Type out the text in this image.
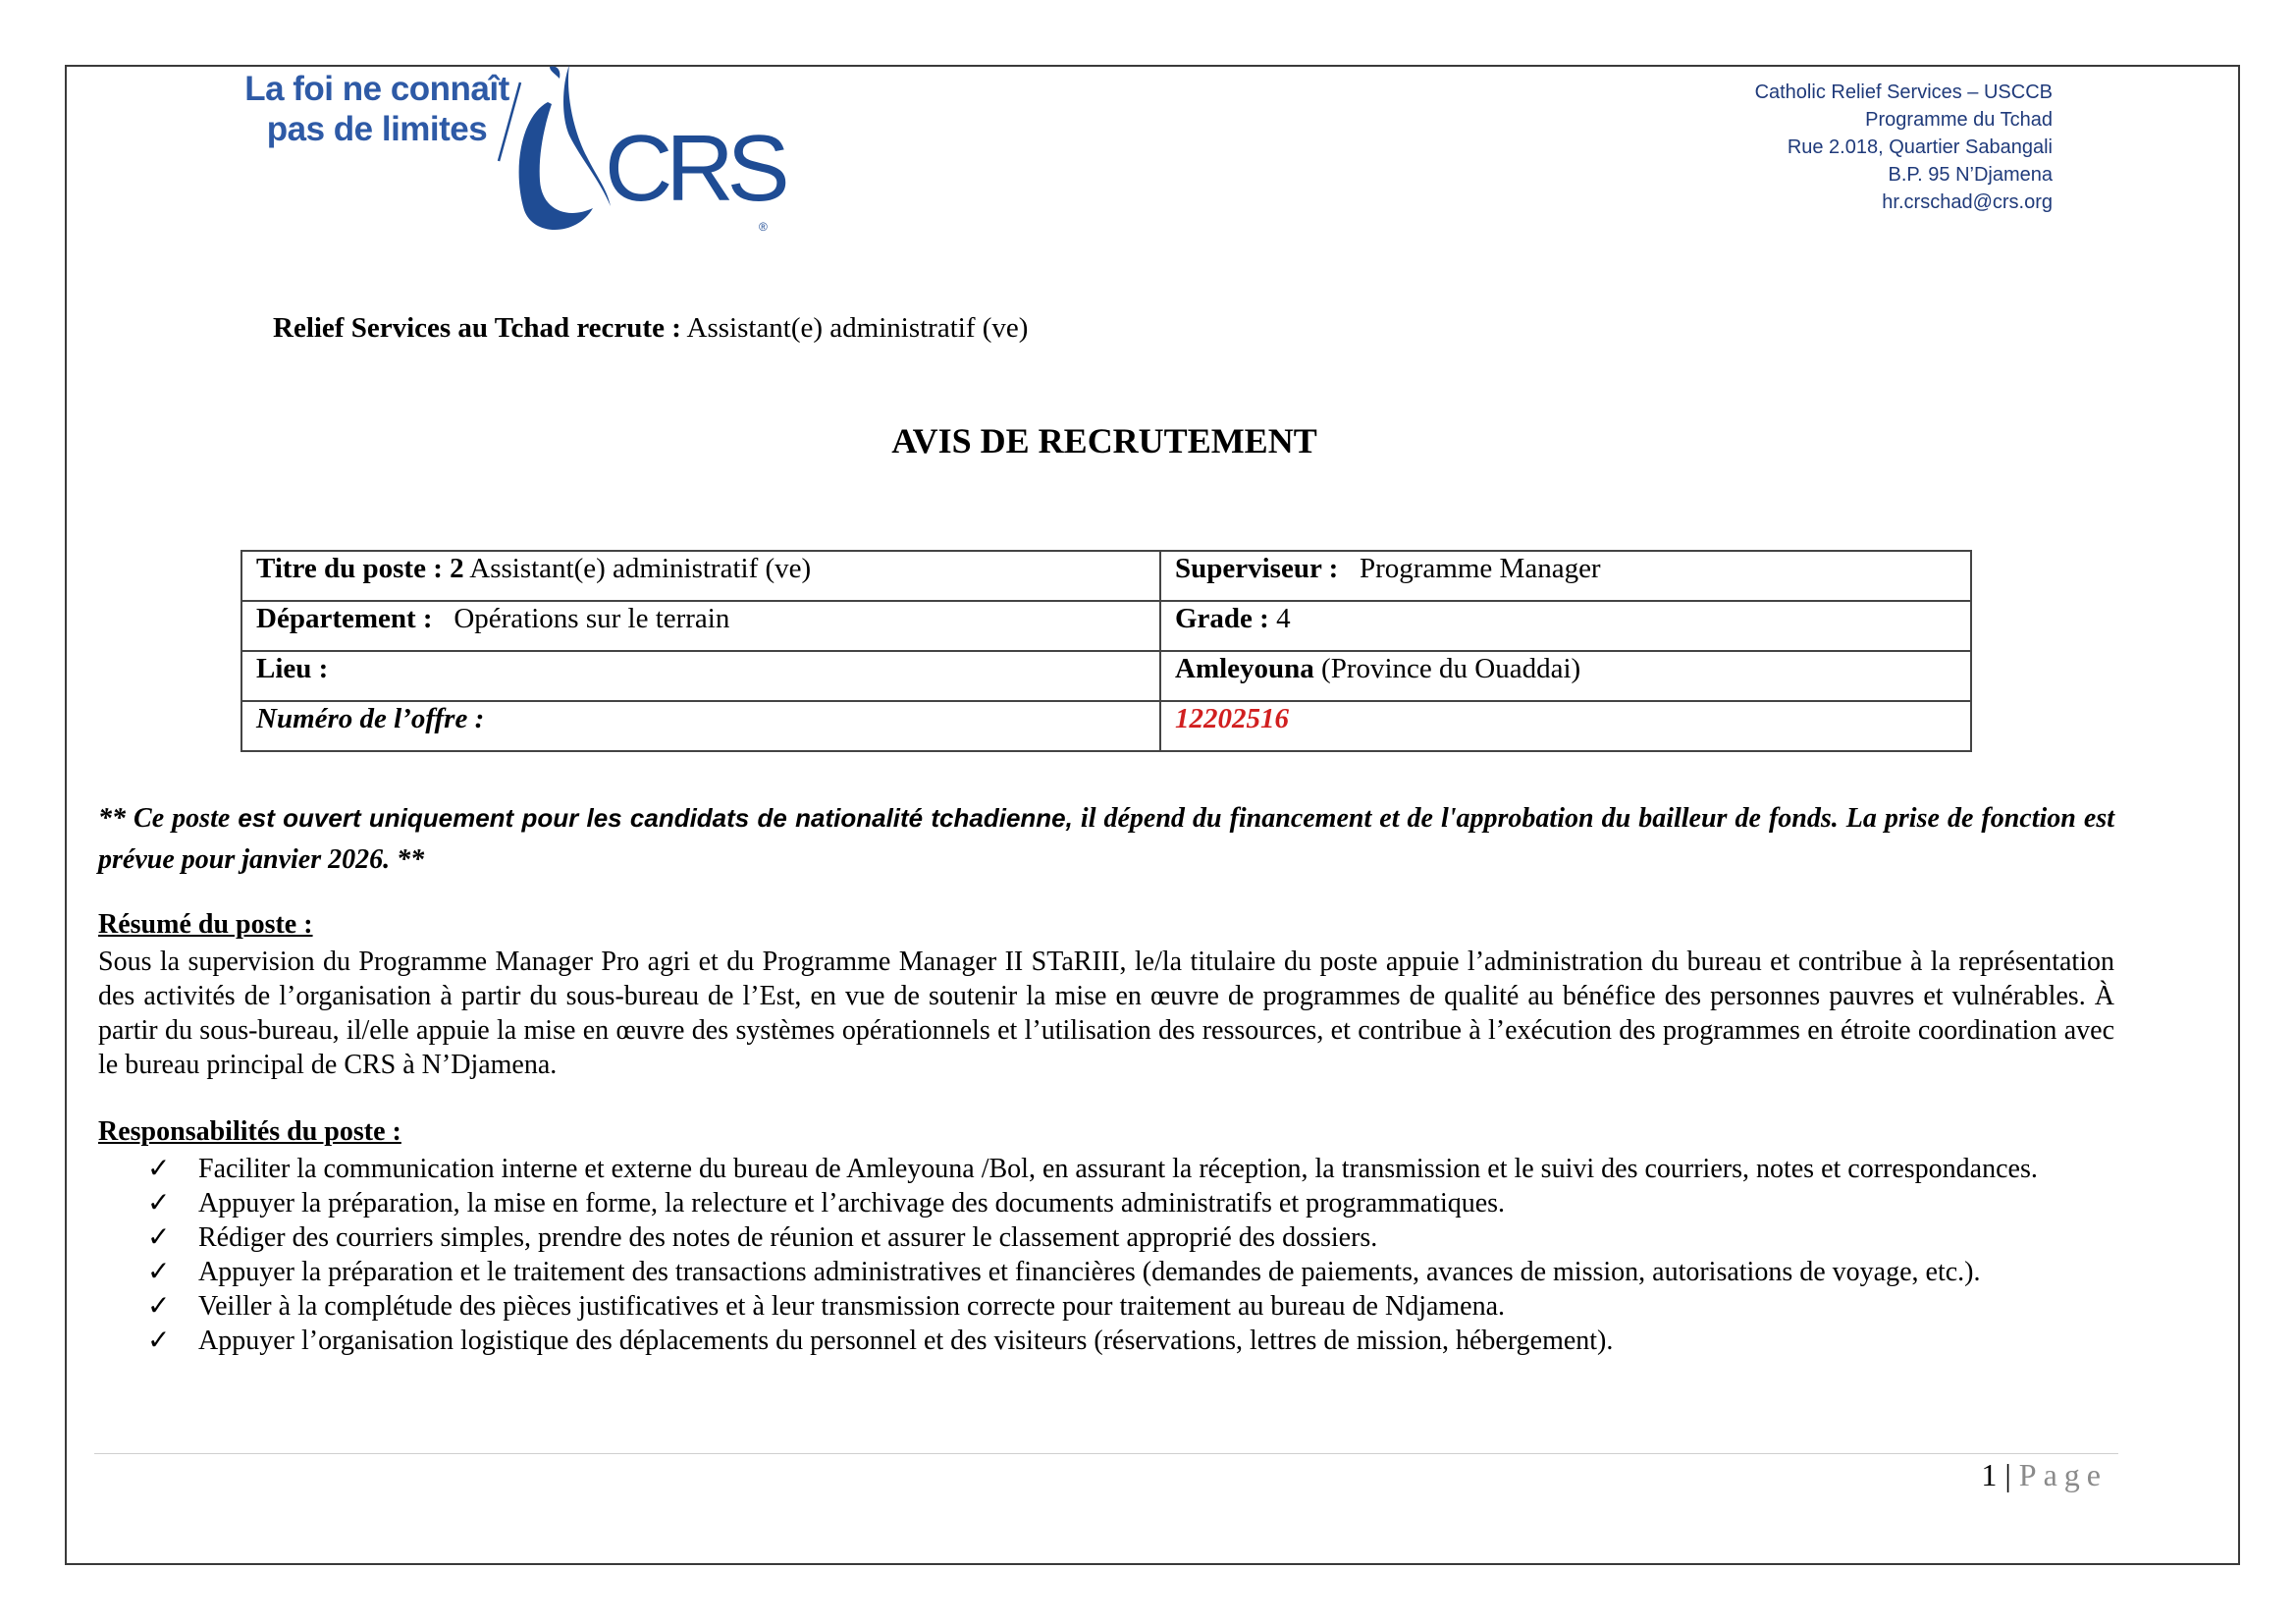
La foi ne connaît
pas de limites	CRS
®
Catholic Relief Services – USCCB
Programme du Tchad
Rue 2.018, Quartier Sabangali
B.P. 95 N’Djamena
hr.crschad@crs.org
Relief Services au Tchad recrute : Assistant(e) administratif (ve)
AVIS DE RECRUTEMENT
Titre du poste : 2 Assistant(e) administratif (ve)	Superviseur :   Programme Manager
Département :   Opérations sur le terrain	Grade : 4
Lieu :	Amleyouna (Province du Ouaddai)
Numéro de l’offre :	12202516
** Ce poste est ouvert uniquement pour les candidats de nationalité tchadienne, il dépend du financement et de l'approbation du bailleur de fonds. La prise de fonction est prévue pour janvier 2026. **
Résumé du poste :
Sous la supervision du Programme Manager Pro agri et du Programme Manager II STaRIII, le/la titulaire du poste appuie l’administration du bureau et contribue à la représentation des activités de l’organisation à partir du sous-bureau de l’Est, en vue de soutenir la mise en œuvre de programmes de qualité au bénéfice des personnes pauvres et vulnérables. À partir du sous-bureau, il/elle appuie la mise en œuvre des systèmes opérationnels et l’utilisation des ressources, et contribue à l’exécution des programmes en étroite coordination avec le bureau principal de CRS à N’Djamena.
Responsabilités du poste :
✓ Faciliter la communication interne et externe du bureau de Amleyouna /Bol, en assurant la réception, la transmission et le suivi des courriers, notes et correspondances.
✓ Appuyer la préparation, la mise en forme, la relecture et l’archivage des documents administratifs et programmatiques.
✓ Rédiger des courriers simples, prendre des notes de réunion et assurer le classement approprié des dossiers.
✓ Appuyer la préparation et le traitement des transactions administratives et financières (demandes de paiements, avances de mission, autorisations de voyage, etc.).
✓ Veiller à la complétude des pièces justificatives et à leur transmission correcte pour traitement au bureau de Ndjamena.
✓ Appuyer l’organisation logistique des déplacements du personnel et des visiteurs (réservations, lettres de mission, hébergement).
1 | Page
